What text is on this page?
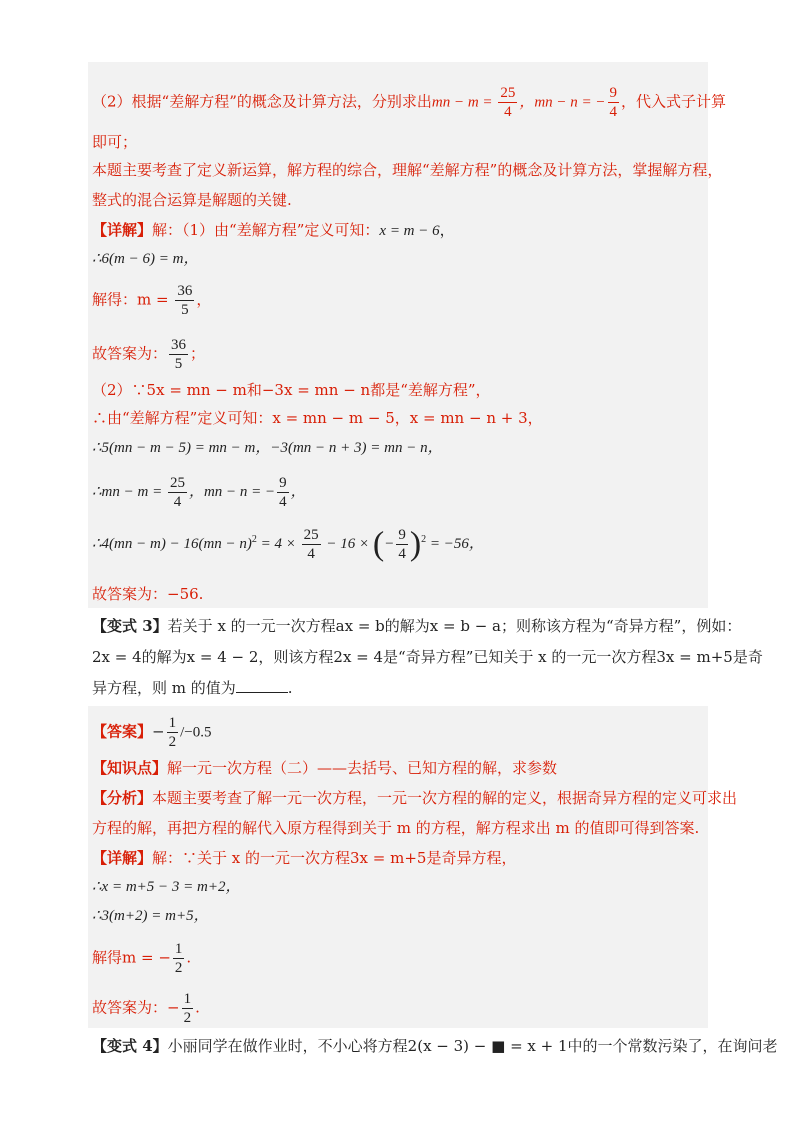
（2）根据“差解方程”的概念及计算方法，分别求出mn − $m = \frac{25}{4}$ ，mn − n = − $\frac{9}{4}$ ，代入式子计算
即可；
本题主要考查了定义新运算，解方程的综合，理解“差解方程”的概念及计算方法，掌握解方程，
整式的混合运算是解题的关键.
【详解】解：（1）由“差解方程”定义可知：x = m − 6，
∴6(m − 6) = m，
解得：$m = \frac{36}{5}$ ，
故答案为： $\frac{36}{5}$ ；
（2）∵5x = mn − m和−3x = mn − n都是“差解方程”，
∴由“差解方程”定义可知：x = mn − m − 5，x = mn − n + 3，
∴5(mn − m − 5) = mn − m，−3(mn − n + 3) = mn − n，
∴mn − $m = \frac{25}{4}$ ，mn − n = − $\frac{9}{4}$ ，
∴4(mn − $m) - 16(mn - n)^2 = 4 \times \frac{25}{4} - 16$ × (− $\frac{9}{4} )^2 = -56$，
故答案为：−56.
【变式 3】若关于 x 的一元一次方程ax = b的解为x = b − a；则称该方程为“奇异方程”，例如：
2x = 4的解为x = 4 − 2，则该方程2x = 4是“奇异方程”已知关于 x 的一元一次方程3x = m+5是奇
异方程，则 m 的值为	.
【答案】− $\frac{1}{2} /-0.5$
【知识点】解一元一次方程（二）——去括号、已知方程的解，求参数
【分析】本题主要考查了解一元一次方程，一元一次方程的解的定义，根据奇异方程的定义可求出
方程的解，再把方程的解代入原方程得到关于 m 的方程，解方程求出 m 的值即可得到答案.
【详解】解：∵关于 x 的一元一次方程3x = m+5是奇异方程，
∴x = m+5 − 3 = m+2，
∴3(m+2) = m+5，
解得m = − $\frac{1}{2}$ .
故答案为：− $\frac{1}{2}$ .
【变式 4】小丽同学在做作业时，不小心将方程2(x − 3) − ■ = x + 1中的一个常数污染了，在询问老
